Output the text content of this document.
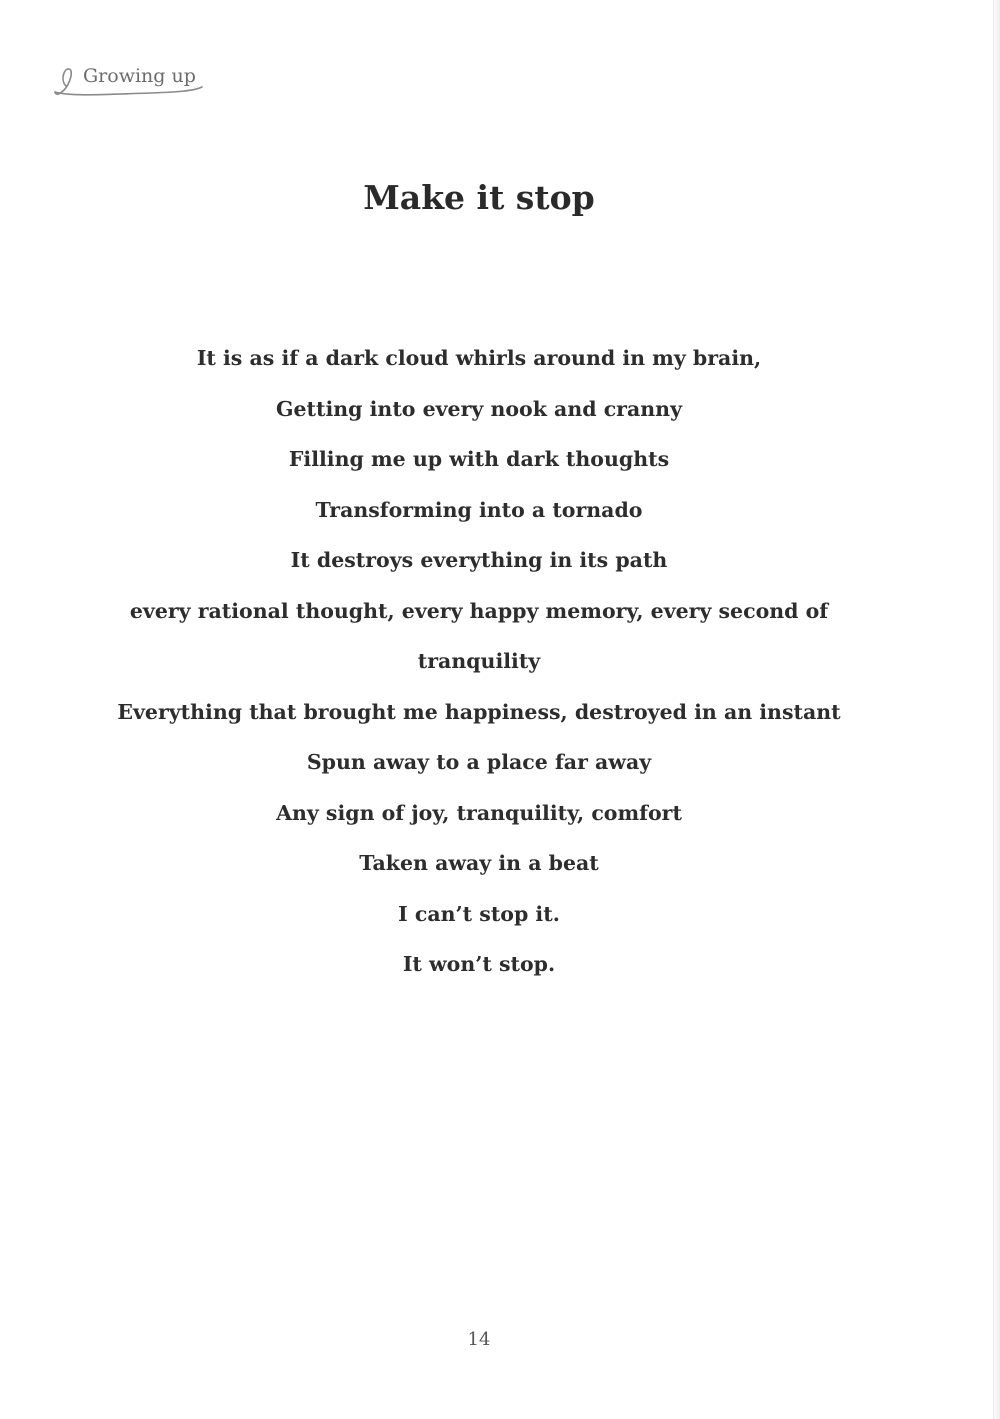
Growing up
Make it stop
It is as if a dark cloud whirls around in my brain,
Getting into every nook and cranny
Filling me up with dark thoughts
Transforming into a tornado
It destroys everything in its path
every rational thought, every happy memory, every second of
tranquility
Everything that brought me happiness, destroyed in an instant
Spun away to a place far away
Any sign of joy, tranquility, comfort
Taken away in a beat
I can’t stop it.
It won’t stop.
14
